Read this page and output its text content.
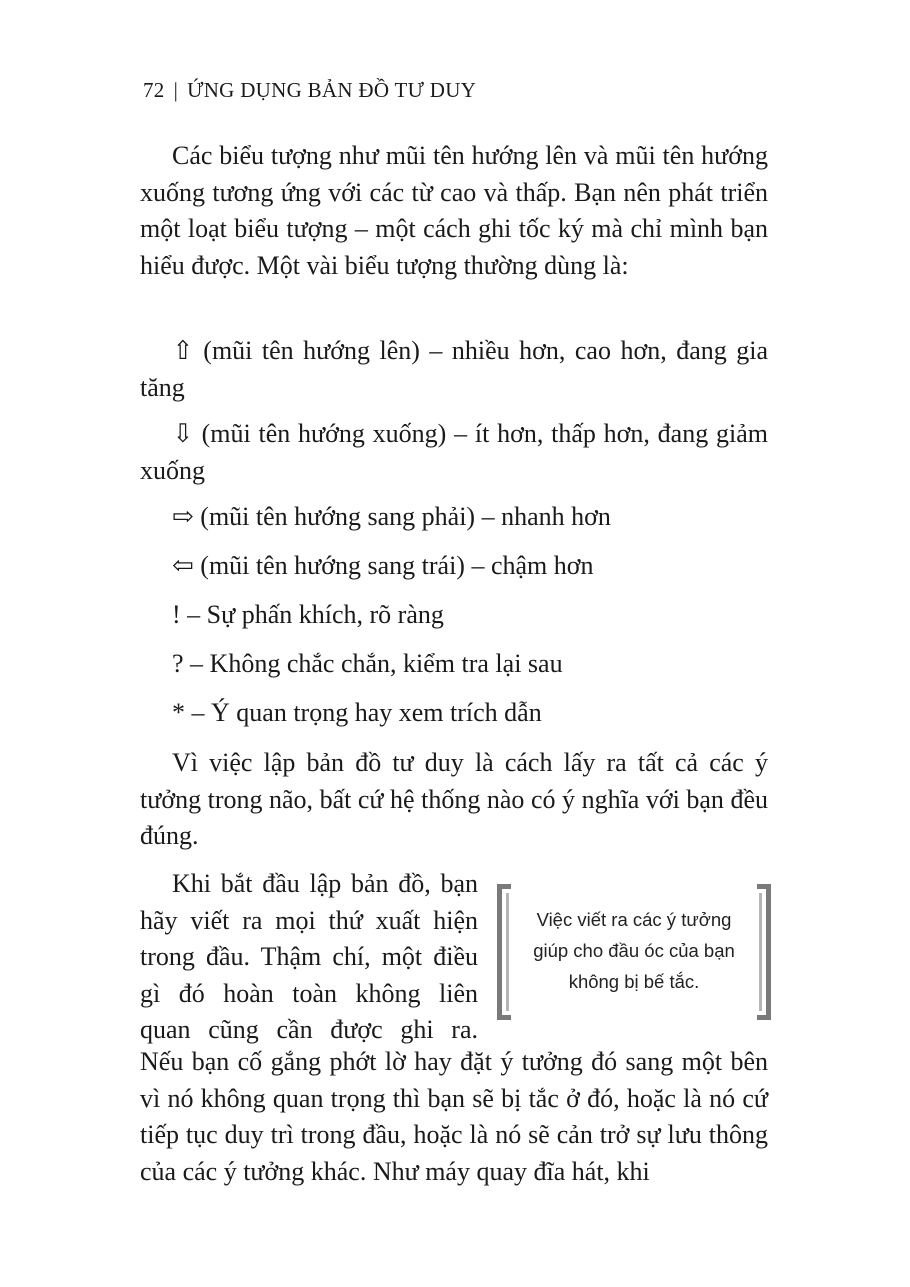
72 | ỨNG DỤNG BẢN ĐỒ TƯ DUY

Các biểu tượng như mũi tên hướng lên và mũi tên hướng xuống tương ứng với các từ cao và thấp. Bạn nên phát triển một loạt biểu tượng – một cách ghi tốc ký mà chỉ mình bạn hiểu được. Một vài biểu tượng thường dùng là:

⇧ (mũi tên hướng lên) – nhiều hơn, cao hơn, đang gia tăng

⇩ (mũi tên hướng xuống) – ít hơn, thấp hơn, đang giảm xuống

⇨ (mũi tên hướng sang phải) – nhanh hơn
⇦ (mũi tên hướng sang trái) – chậm hơn
! – Sự phấn khích, rõ ràng
? – Không chắc chắn, kiểm tra lại sau
* – Ý quan trọng hay xem trích dẫn

Vì việc lập bản đồ tư duy là cách lấy ra tất cả các ý tưởng trong não, bất cứ hệ thống nào có ý nghĩa với bạn đều đúng.

Khi bắt đầu lập bản đồ, bạn
hãy viết ra mọi thứ xuất hiện
trong đầu. Thậm chí, một điều
gì đó hoàn toàn không liên
quan cũng cần được ghi ra.

Nếu bạn cố gắng phớt lờ hay đặt ý tưởng đó sang một bên vì nó không quan trọng thì bạn sẽ bị tắc ở đó, hoặc là nó cứ tiếp tục duy trì trong đầu, hoặc là nó sẽ cản trở sự lưu thông của các ý tưởng khác. Như máy quay đĩa hát, khi

Việc viết ra các ý tưởng giúp cho đầu óc của bạn không bị bế tắc.
